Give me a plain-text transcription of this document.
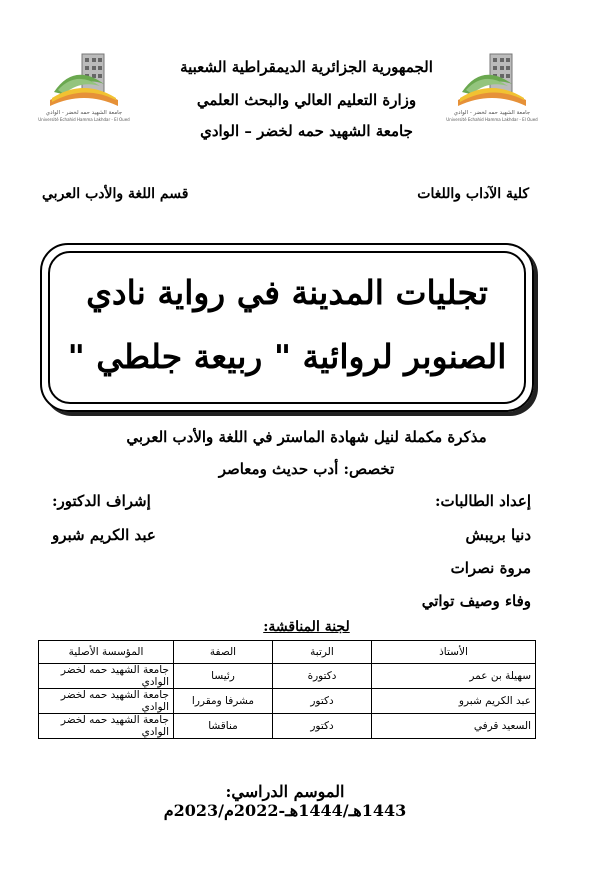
جامعة الشهيد حمه لخضر - الوادي
Université Echahid Hamma Lakhdar - El Oued
جامعة الشهيد حمه لخضر - الوادي
Université Echahid Hamma Lakhdar - El Oued
الجمهورية الجزائرية الديمقراطية الشعبية
وزارة التعليم العالي والبحث العلمي
جامعة الشهيد حمه لخضر – الوادي
كلية الآداب واللغات
قسم اللغة والأدب العربي
تجليات المدينة في رواية نادي
الصنوبر لروائية " ربيعة جلطي "
مذكرة مكملة لنيل شهادة الماستر في اللغة والأدب العربي
تخصص: أدب حديث ومعاصر
إعداد الطالبات:
إشراف الدكتور:
دنيا بريبش
عبد الكريم شبرو
مروة نصرات
وفاء وصيف تواتي
لجنة المناقشة:
الأستاذ	الرتبة	الصفة	المؤسسة الأصلية
سهيلة بن عمر	دكتورة	رئيسا	جامعة الشهيد حمه لخضر الوادي
عبد الكريم شبرو	دكتور	مشرفا ومقررا	جامعة الشهيد حمه لخضر الوادي
السعيد قرفي	دكتور	مناقشا	جامعة الشهيد حمه لخضر الوادي
الموسم الدراسي: 1443هـ/1444هـ-2022م/2023م
